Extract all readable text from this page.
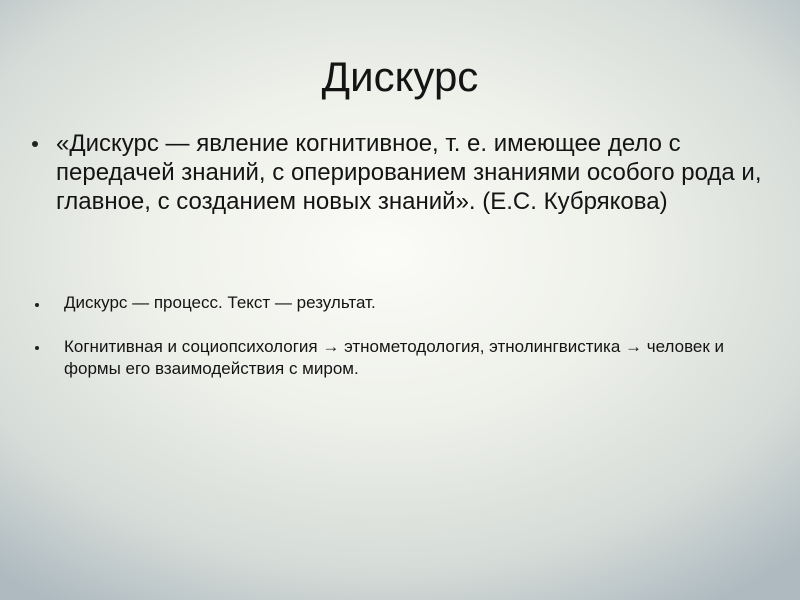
Дискурс
«Дискурс — явление когнитивное, т. е. имеющее дело с передачей знаний, с оперированием знаниями особого рода и, главное, с созданием новых знаний». (Е.С. Кубрякова)
Дискурс — процесс. Текст — результат.
Когнитивная и социопсихология → этнометодология, этнолингвистика → человек и формы его взаимодействия с миром.
